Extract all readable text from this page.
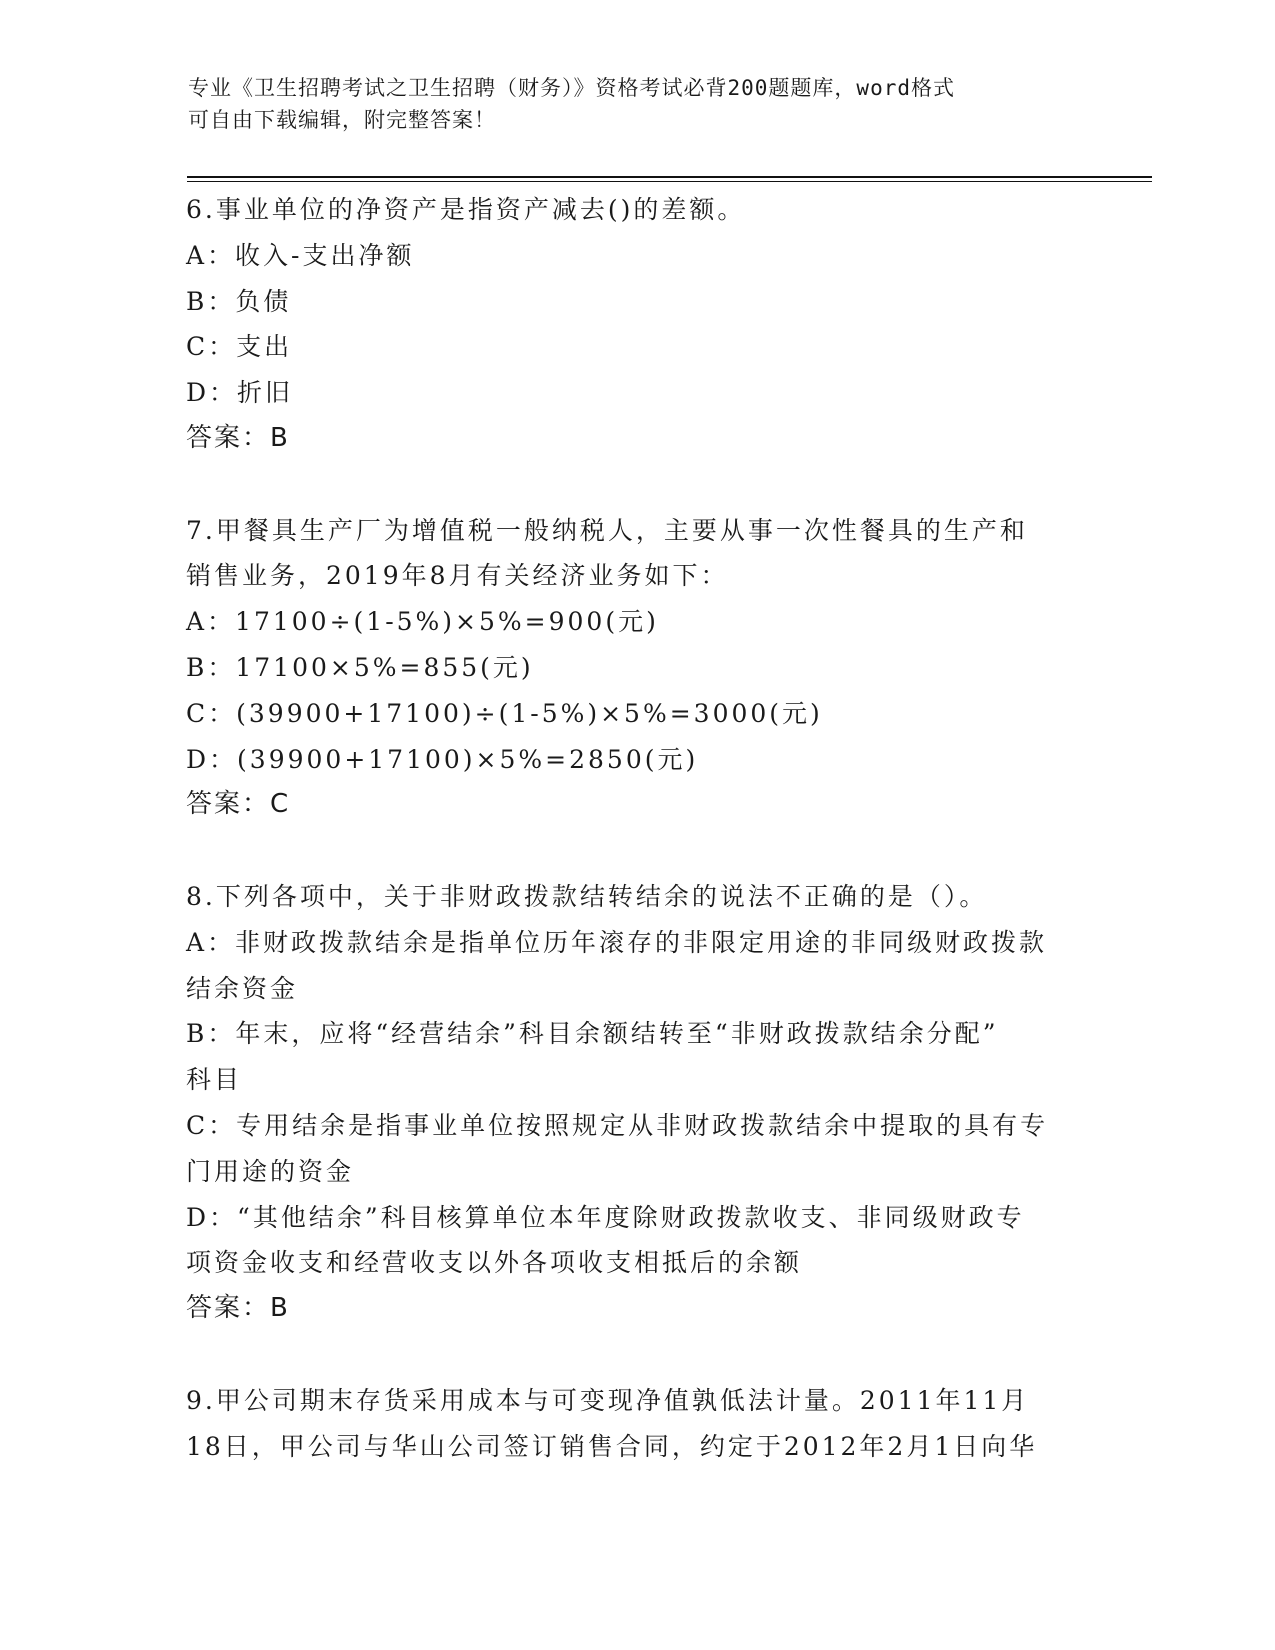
专业《卫生招聘考试之卫生招聘（财务）》资格考试必背200题题库，word格式
可自由下载编辑，附完整答案！
6.事业单位的净资产是指资产减去()的差额。
A：收入-支出净额
B：负债
C：支出
D：折旧
答案：B
7.甲餐具生产厂为增值税一般纳税人，主要从事一次性餐具的生产和
销售业务，2019年8月有关经济业务如下：
A：17100÷(1-5%)×5%=900(元)
B：17100×5%=855(元)
C：(39900+17100)÷(1-5%)×5%=3000(元)
D：(39900+17100)×5%=2850(元)
答案：C
8.下列各项中，关于非财政拨款结转结余的说法不正确的是（）。
A：非财政拨款结余是指单位历年滚存的非限定用途的非同级财政拨款
结余资金
B：年末，应将“经营结余”科目余额结转至“非财政拨款结余分配”
科目
C：专用结余是指事业单位按照规定从非财政拨款结余中提取的具有专
门用途的资金
D：“其他结余”科目核算单位本年度除财政拨款收支、非同级财政专
项资金收支和经营收支以外各项收支相抵后的余额
答案：B
9.甲公司期末存货采用成本与可变现净值孰低法计量。2011年11月
18日，甲公司与华山公司签订销售合同，约定于2012年2月1日向华
